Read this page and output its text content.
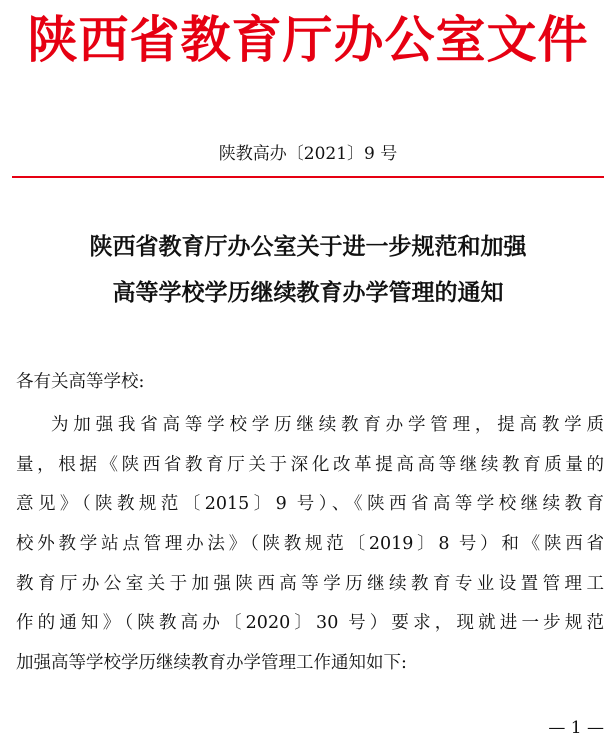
陕西省教育厅办公室文件
陕教高办〔2021〕9 号
陕西省教育厅办公室关于进一步规范和加强
高等学校学历继续教育办学管理的通知
各有关高等学校:
为加强我省高等学校学历继续教育办学管理，提高教学质
量，根据《陕西省教育厅关于深化改革提高高等继续教育质量的
意见》（陕教规范〔2015〕9 号）、《陕西省高等学校继续教育
校外教学站点管理办法》（陕教规范〔2019〕8 号）和《陕西省
教育厅办公室关于加强陕西高等学历继续教育专业设置管理工
作的通知》（陕教高办〔2020〕30 号）要求，现就进一步规范
加强高等学校学历继续教育办学管理工作通知如下:
— 1 —
